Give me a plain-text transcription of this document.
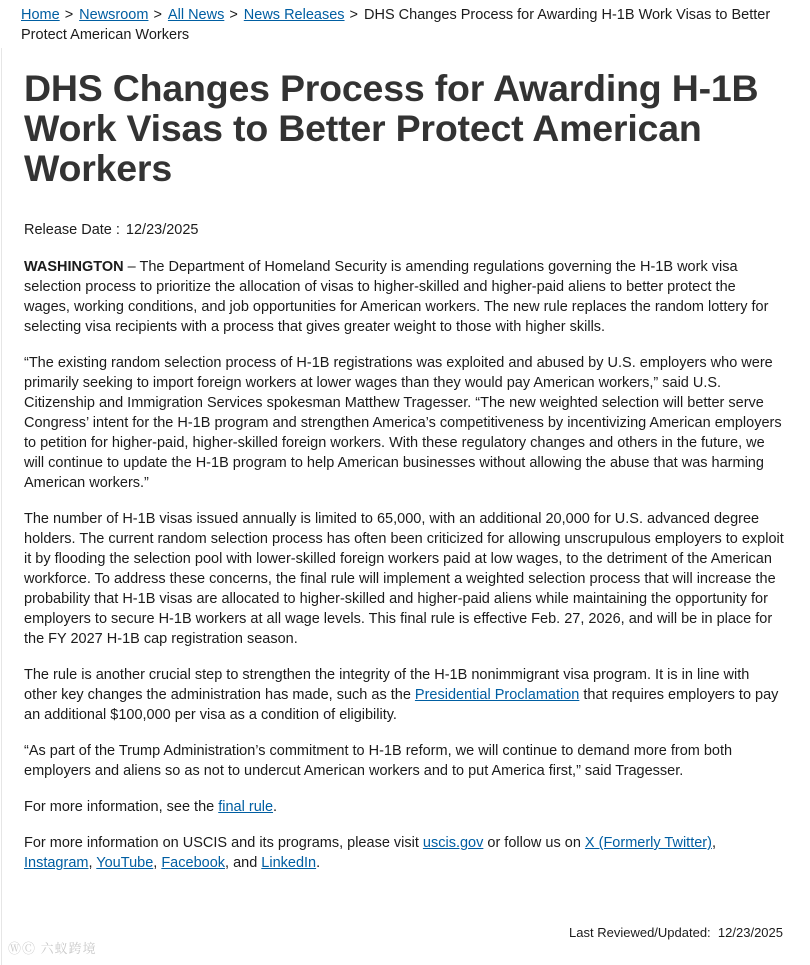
Home > Newsroom > All News > News Releases > DHS Changes Process for Awarding H-1B Work Visas to Better Protect American Workers
DHS Changes Process for Awarding H-1B Work Visas to Better Protect American Workers
Release Date : 12/23/2025

WASHINGTON – The Department of Homeland Security is amending regulations governing the H-1B work visa selection process to prioritize the allocation of visas to higher-skilled and higher-paid aliens to better protect the wages, working conditions, and job opportunities for American workers. The new rule replaces the random lottery for selecting visa recipients with a process that gives greater weight to those with higher skills.

“The existing random selection process of H-1B registrations was exploited and abused by U.S. employers who were primarily seeking to import foreign workers at lower wages than they would pay American workers,” said U.S. Citizenship and Immigration Services spokesman Matthew Tragesser. “The new weighted selection will better serve Congress’ intent for the H-1B program and strengthen America’s competitiveness by incentivizing American employers to petition for higher-paid, higher-skilled foreign workers. With these regulatory changes and others in the future, we will continue to update the H-1B program to help American businesses without allowing the abuse that was harming American workers.”

The number of H-1B visas issued annually is limited to 65,000, with an additional 20,000 for U.S. advanced degree holders. The current random selection process has often been criticized for allowing unscrupulous employers to exploit it by flooding the selection pool with lower-skilled foreign workers paid at low wages, to the detriment of the American workforce. To address these concerns, the final rule will implement a weighted selection process that will increase the probability that H-1B visas are allocated to higher-skilled and higher-paid aliens while maintaining the opportunity for employers to secure H-1B workers at all wage levels. This final rule is effective Feb. 27, 2026, and will be in place for the FY 2027 H-1B cap registration season.

The rule is another crucial step to strengthen the integrity of the H-1B nonimmigrant visa program. It is in line with other key changes the administration has made, such as the Presidential Proclamation that requires employers to pay an additional $100,000 per visa as a condition of eligibility.

“As part of the Trump Administration’s commitment to H-1B reform, we will continue to demand more from both employers and aliens so as not to undercut American workers and to put America first,” said Tragesser.

For more information, see the final rule.

For more information on USCIS and its programs, please visit uscis.gov or follow us on X (Formerly Twitter), Instagram, YouTube, Facebook, and LinkedIn.

Last Reviewed/Updated: 12/23/2025
ⓌⒸ 六蚁跨境
